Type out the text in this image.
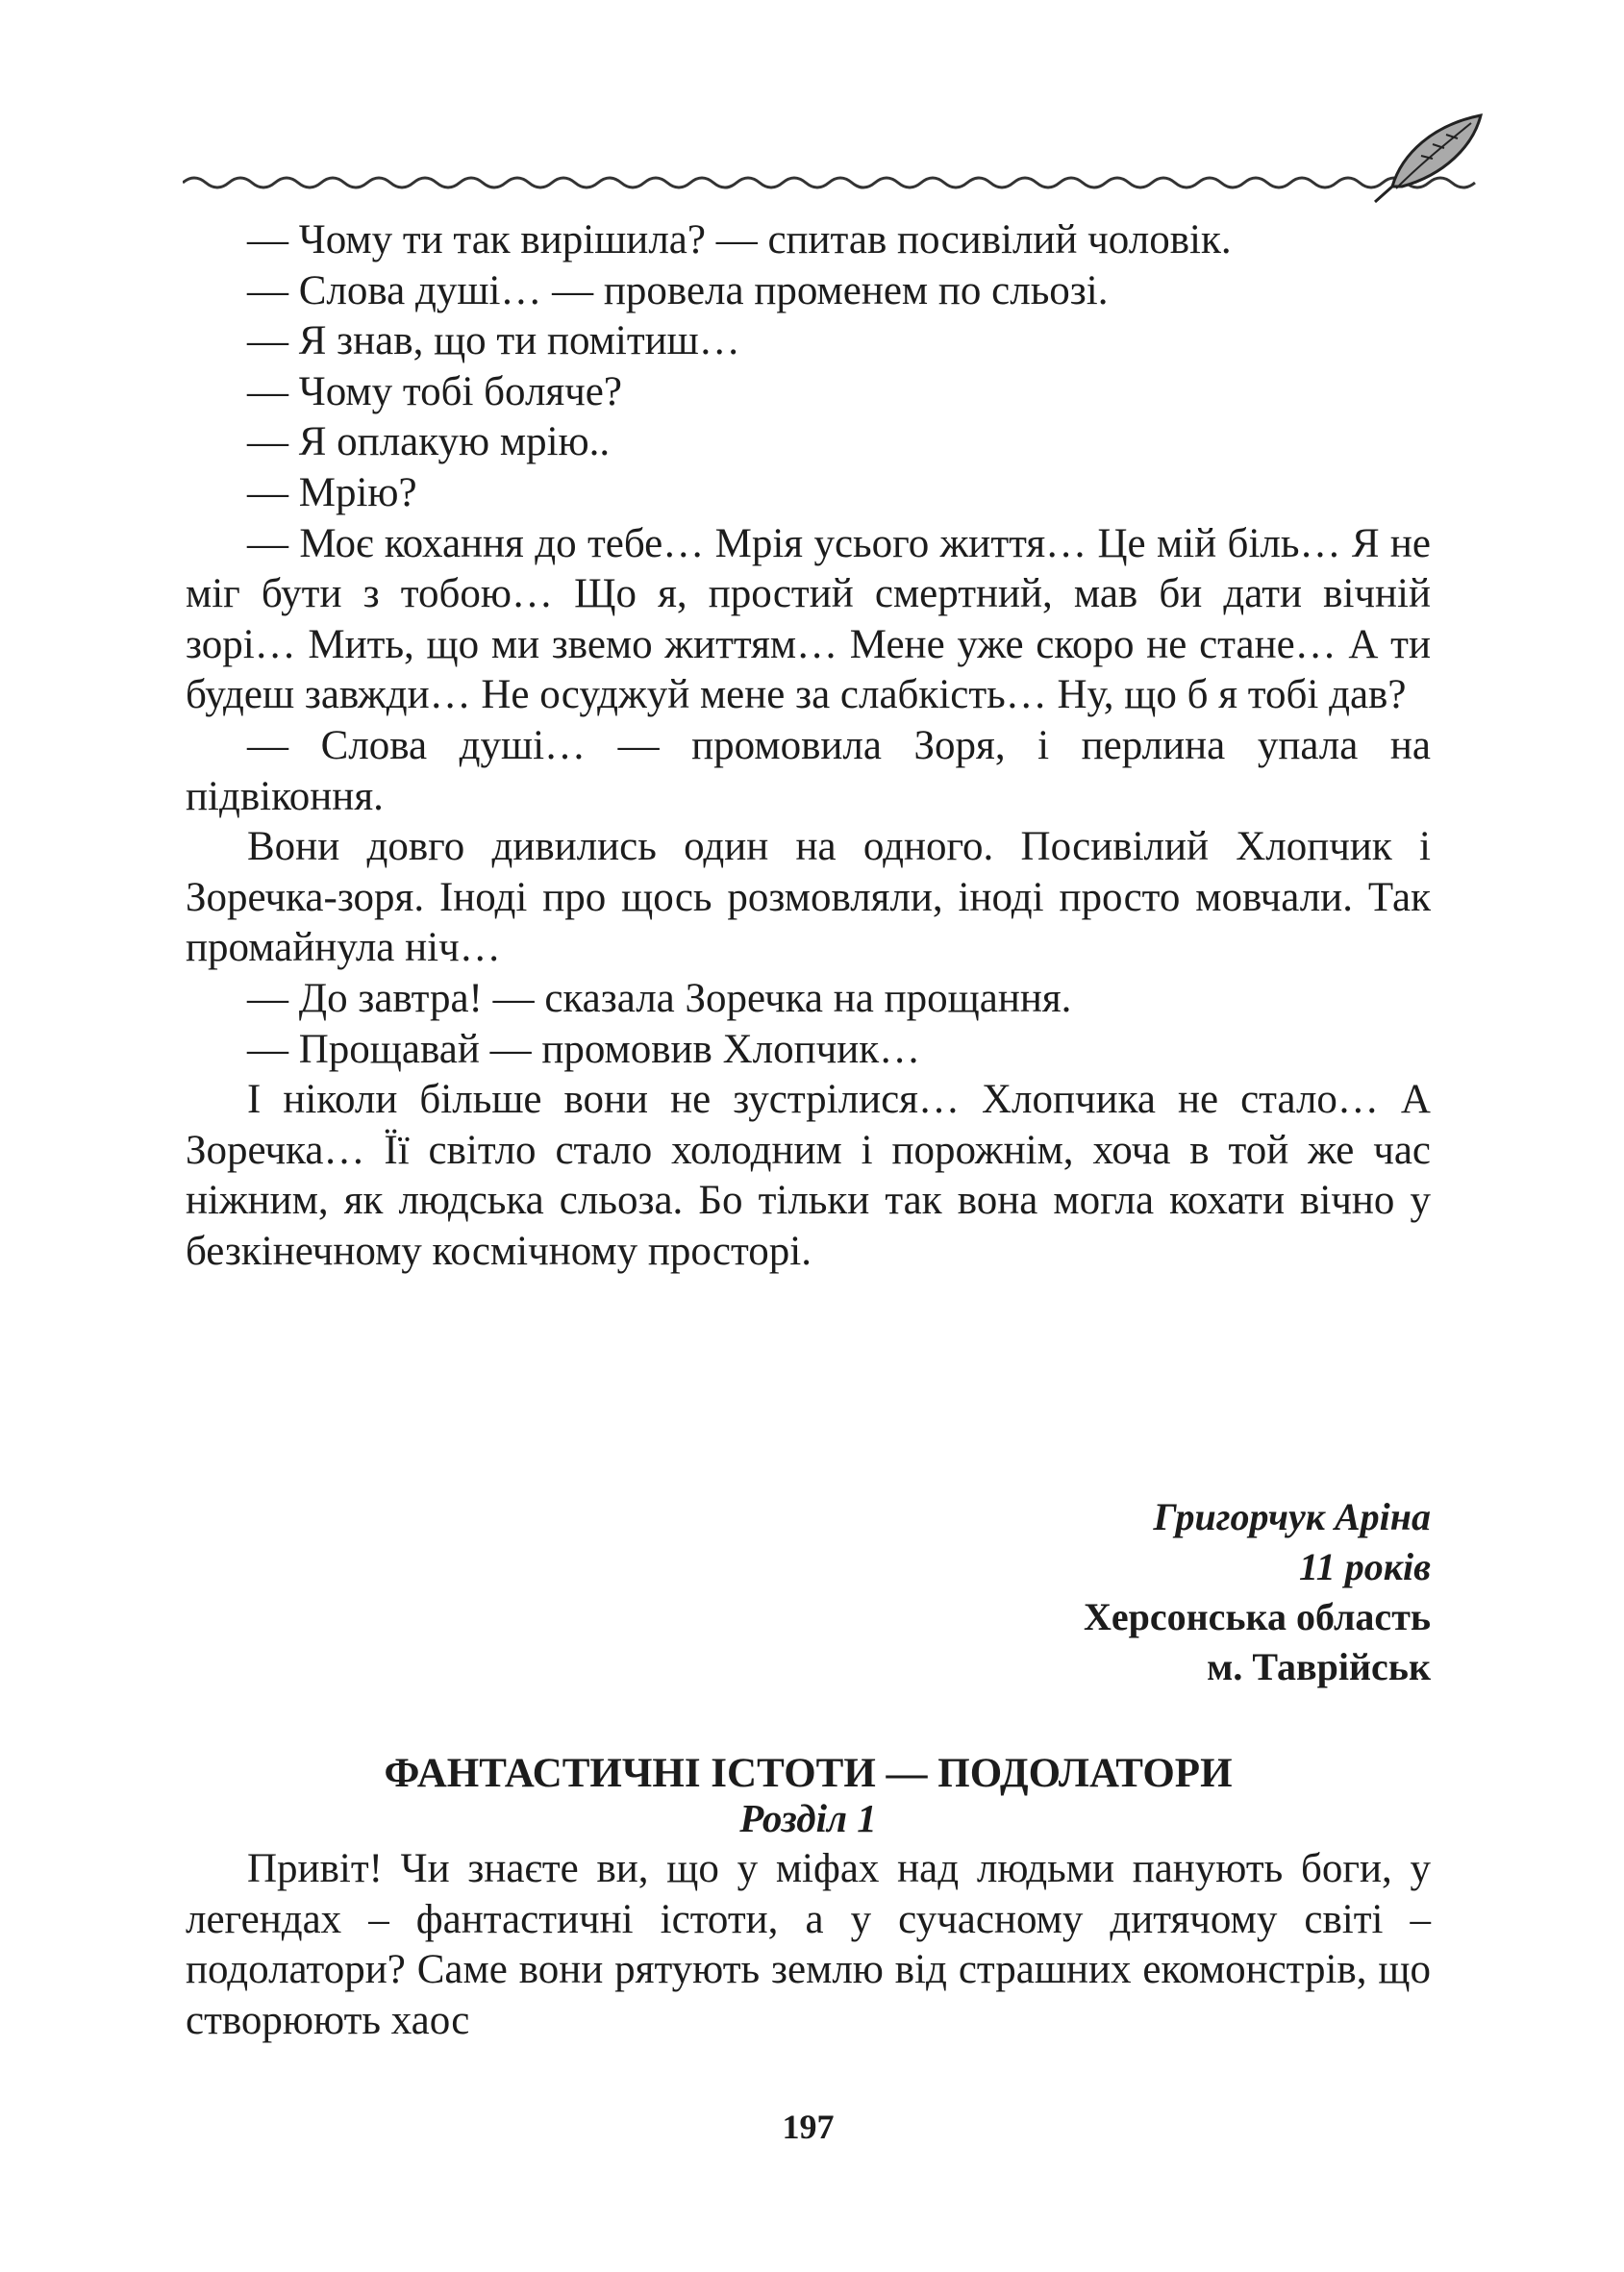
— Чому ти так вирішила? — спитав посивілий чоловік.

— Слова душі… — провела променем по сльозі.

— Я знав, що ти помітиш…

— Чому тобі боляче?

— Я оплакую мрію..

— Мрію?

— Моє кохання до тебе… Мрія усього життя… Це мій біль… Я не міг бути з тобою… Що я, простий смертний, мав би дати вічній зорі… Мить, що ми звемо життям… Мене уже скоро не стане… А ти будеш завжди… Не осуджуй мене за слабкість… Ну, що б я тобі дав?

— Слова душі… — промовила Зоря, і перлина упала на підвіконня.

Вони довго дивились один на одного. Посивілий Хлопчик і Зоречка-зоря. Іноді про щось розмовляли, іноді просто мовчали. Так промайнула ніч…

— До завтра! — сказала Зоречка на прощання.

— Прощавай — промовив Хлопчик…

І ніколи більше вони не зустрілися… Хлопчика не стало… А Зоречка… Її світло стало холодним і порожнім, хоча в той же час ніжним, як людська сльоза. Бо тільки так вона могла кохати вічно у безкінечному космічному просторі.

Григорчук Аріна
11 років
Херсонська область
м. Таврійськ
ФАНТАСТИЧНІ ІСТОТИ — ПОДОЛАТОРИ
Розділ 1

Привіт! Чи знаєте ви, що у міфах над людьми панують боги, у легендах – фантастичні істоти, а у сучасному дитячому світі – подолатори? Саме вони рятують землю від страшних екомонстрів, що створюють хаос

197
